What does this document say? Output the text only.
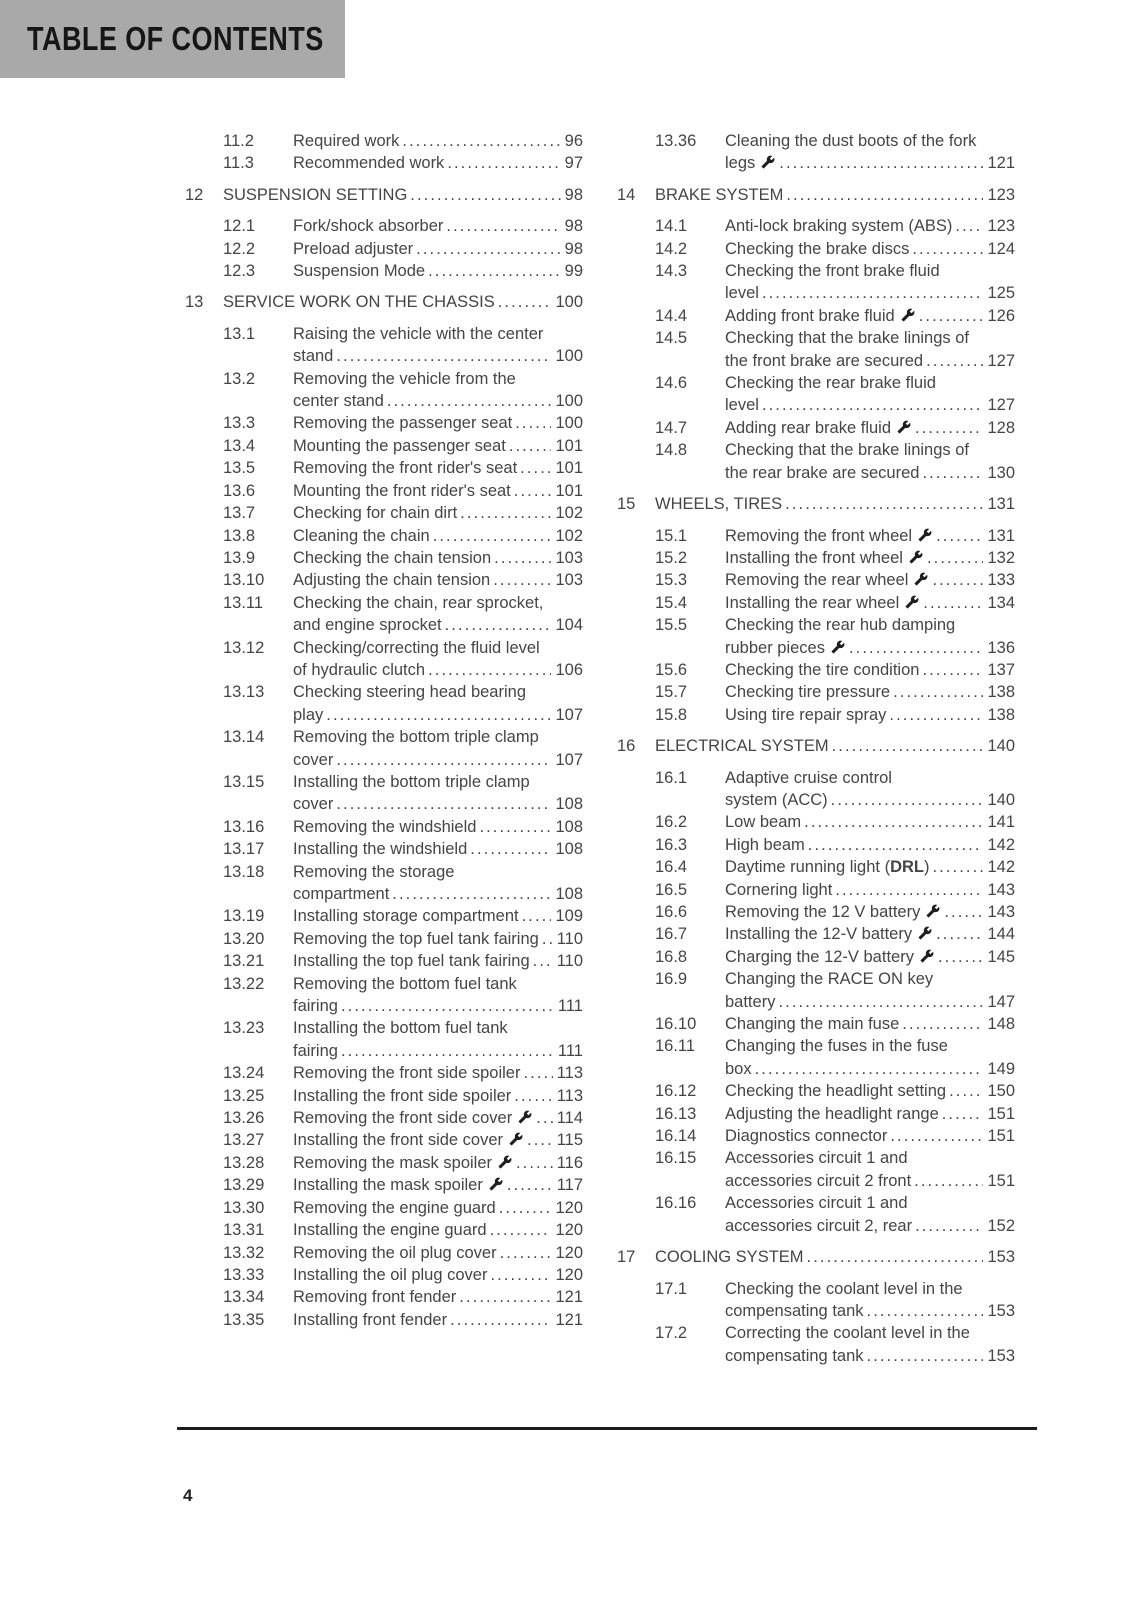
TABLE OF CONTENTS
11.2	Required work .....	96
11.3	Recommended work .....	97
12	SUSPENSION SETTING .....	98
12.1	Fork/shock absorber .....	98
12.2	Preload adjuster .....	98
12.3	Suspension Mode .....	99
13	SERVICE WORK ON THE CHASSIS .....	100
13.1	Raising the vehicle with the center
stand .....	100
13.2	Removing the vehicle from the
center stand .....	100
13.3	Removing the passenger seat .....	100
13.4	Mounting the passenger seat .....	101
13.5	Removing the front rider's seat ..... 101
13.6	Mounting the front rider's seat .....	101
13.7	Checking for chain dirt .....	102
13.8	Cleaning the chain .....	102
13.9	Checking the chain tension .....	103
13.10	Adjusting the chain tension .....	103
13.11	Checking the chain, rear sprocket,
and engine sprocket .....	104
13.12	Checking/correcting the fluid level
of hydraulic clutch .....	106
13.13	Checking steering head bearing
play .....	107
13.14	Removing the bottom triple clamp
cover .....	107
13.15	Installing the bottom triple clamp
cover .....	108
13.16	Removing the windshield .....	108
13.17	Installing the windshield .....	108
13.18	Removing the storage
compartment .....	108
13.19	Installing storage compartment ..... 109
13.20	Removing the top fuel tank fairing ..... 110
13.21	Installing the top fuel tank fairing ..... 110
13.22	Removing the bottom fuel tank
fairing .....	111
13.23	Installing the bottom fuel tank
fairing .....	111
13.24	Removing the front side spoiler ..... 113
13.25	Installing the front side spoiler .....	113
13.26	Removing the front side cover .....	114
13.27	Installing the front side cover .....	115
13.28	Removing the mask spoiler .....	116
13.29	Installing the mask spoiler .....	117
13.30	Removing the engine guard .....	120
13.31	Installing the engine guard .....	120
13.32	Removing the oil plug cover .....	120
13.33	Installing the oil plug cover .....	120
13.34	Removing front fender .....	121
13.35	Installing front fender .....	121
13.36	Cleaning the dust boots of the fork
legs .....	121
14	BRAKE SYSTEM .....	123
14.1	Anti-lock braking system (ABS) ..... 123
14.2	Checking the brake discs .....	124
14.3	Checking the front brake fluid
level .....	125
14.4	Adding front brake fluid .....	126
14.5	Checking that the brake linings of
the front brake are secured .....	127
14.6	Checking the rear brake fluid
level .....	127
14.7	Adding rear brake fluid .....	128
14.8	Checking that the brake linings of
the rear brake are secured .....	130
15	WHEELS, TIRES .....	131
15.1	Removing the front wheel .....	131
15.2	Installing the front wheel .....	132
15.3	Removing the rear wheel .....	133
15.4	Installing the rear wheel .....	134
15.5	Checking the rear hub damping
rubber pieces .....	136
15.6	Checking the tire condition .....	137
15.7	Checking tire pressure .....	138
15.8	Using tire repair spray .....	138
16	ELECTRICAL SYSTEM .....	140
16.1	Adaptive cruise control
system (ACC) .....	140
16.2	Low beam .....	141
16.3	High beam .....	142
16.4	Daytime running light (DRL) .....	142
16.5	Cornering light .....	143
16.6	Removing the 12 V battery .....	143
16.7	Installing the 12-V battery .....	144
16.8	Charging the 12-V battery .....	145
16.9	Changing the RACE ON key
battery .....	147
16.10	Changing the main fuse .....	148
16.11	Changing the fuses in the fuse
box .....	149
16.12	Checking the headlight setting .....	150
16.13	Adjusting the headlight range .....	151
16.14	Diagnostics connector .....	151
16.15	Accessories circuit 1 and
accessories circuit 2 front .....	151
16.16	Accessories circuit 1 and
accessories circuit 2, rear .....	152
17	COOLING SYSTEM .....	153
17.1	Checking the coolant level in the
compensating tank .....	153
17.2	Correcting the coolant level in the
compensating tank .....	153
4
